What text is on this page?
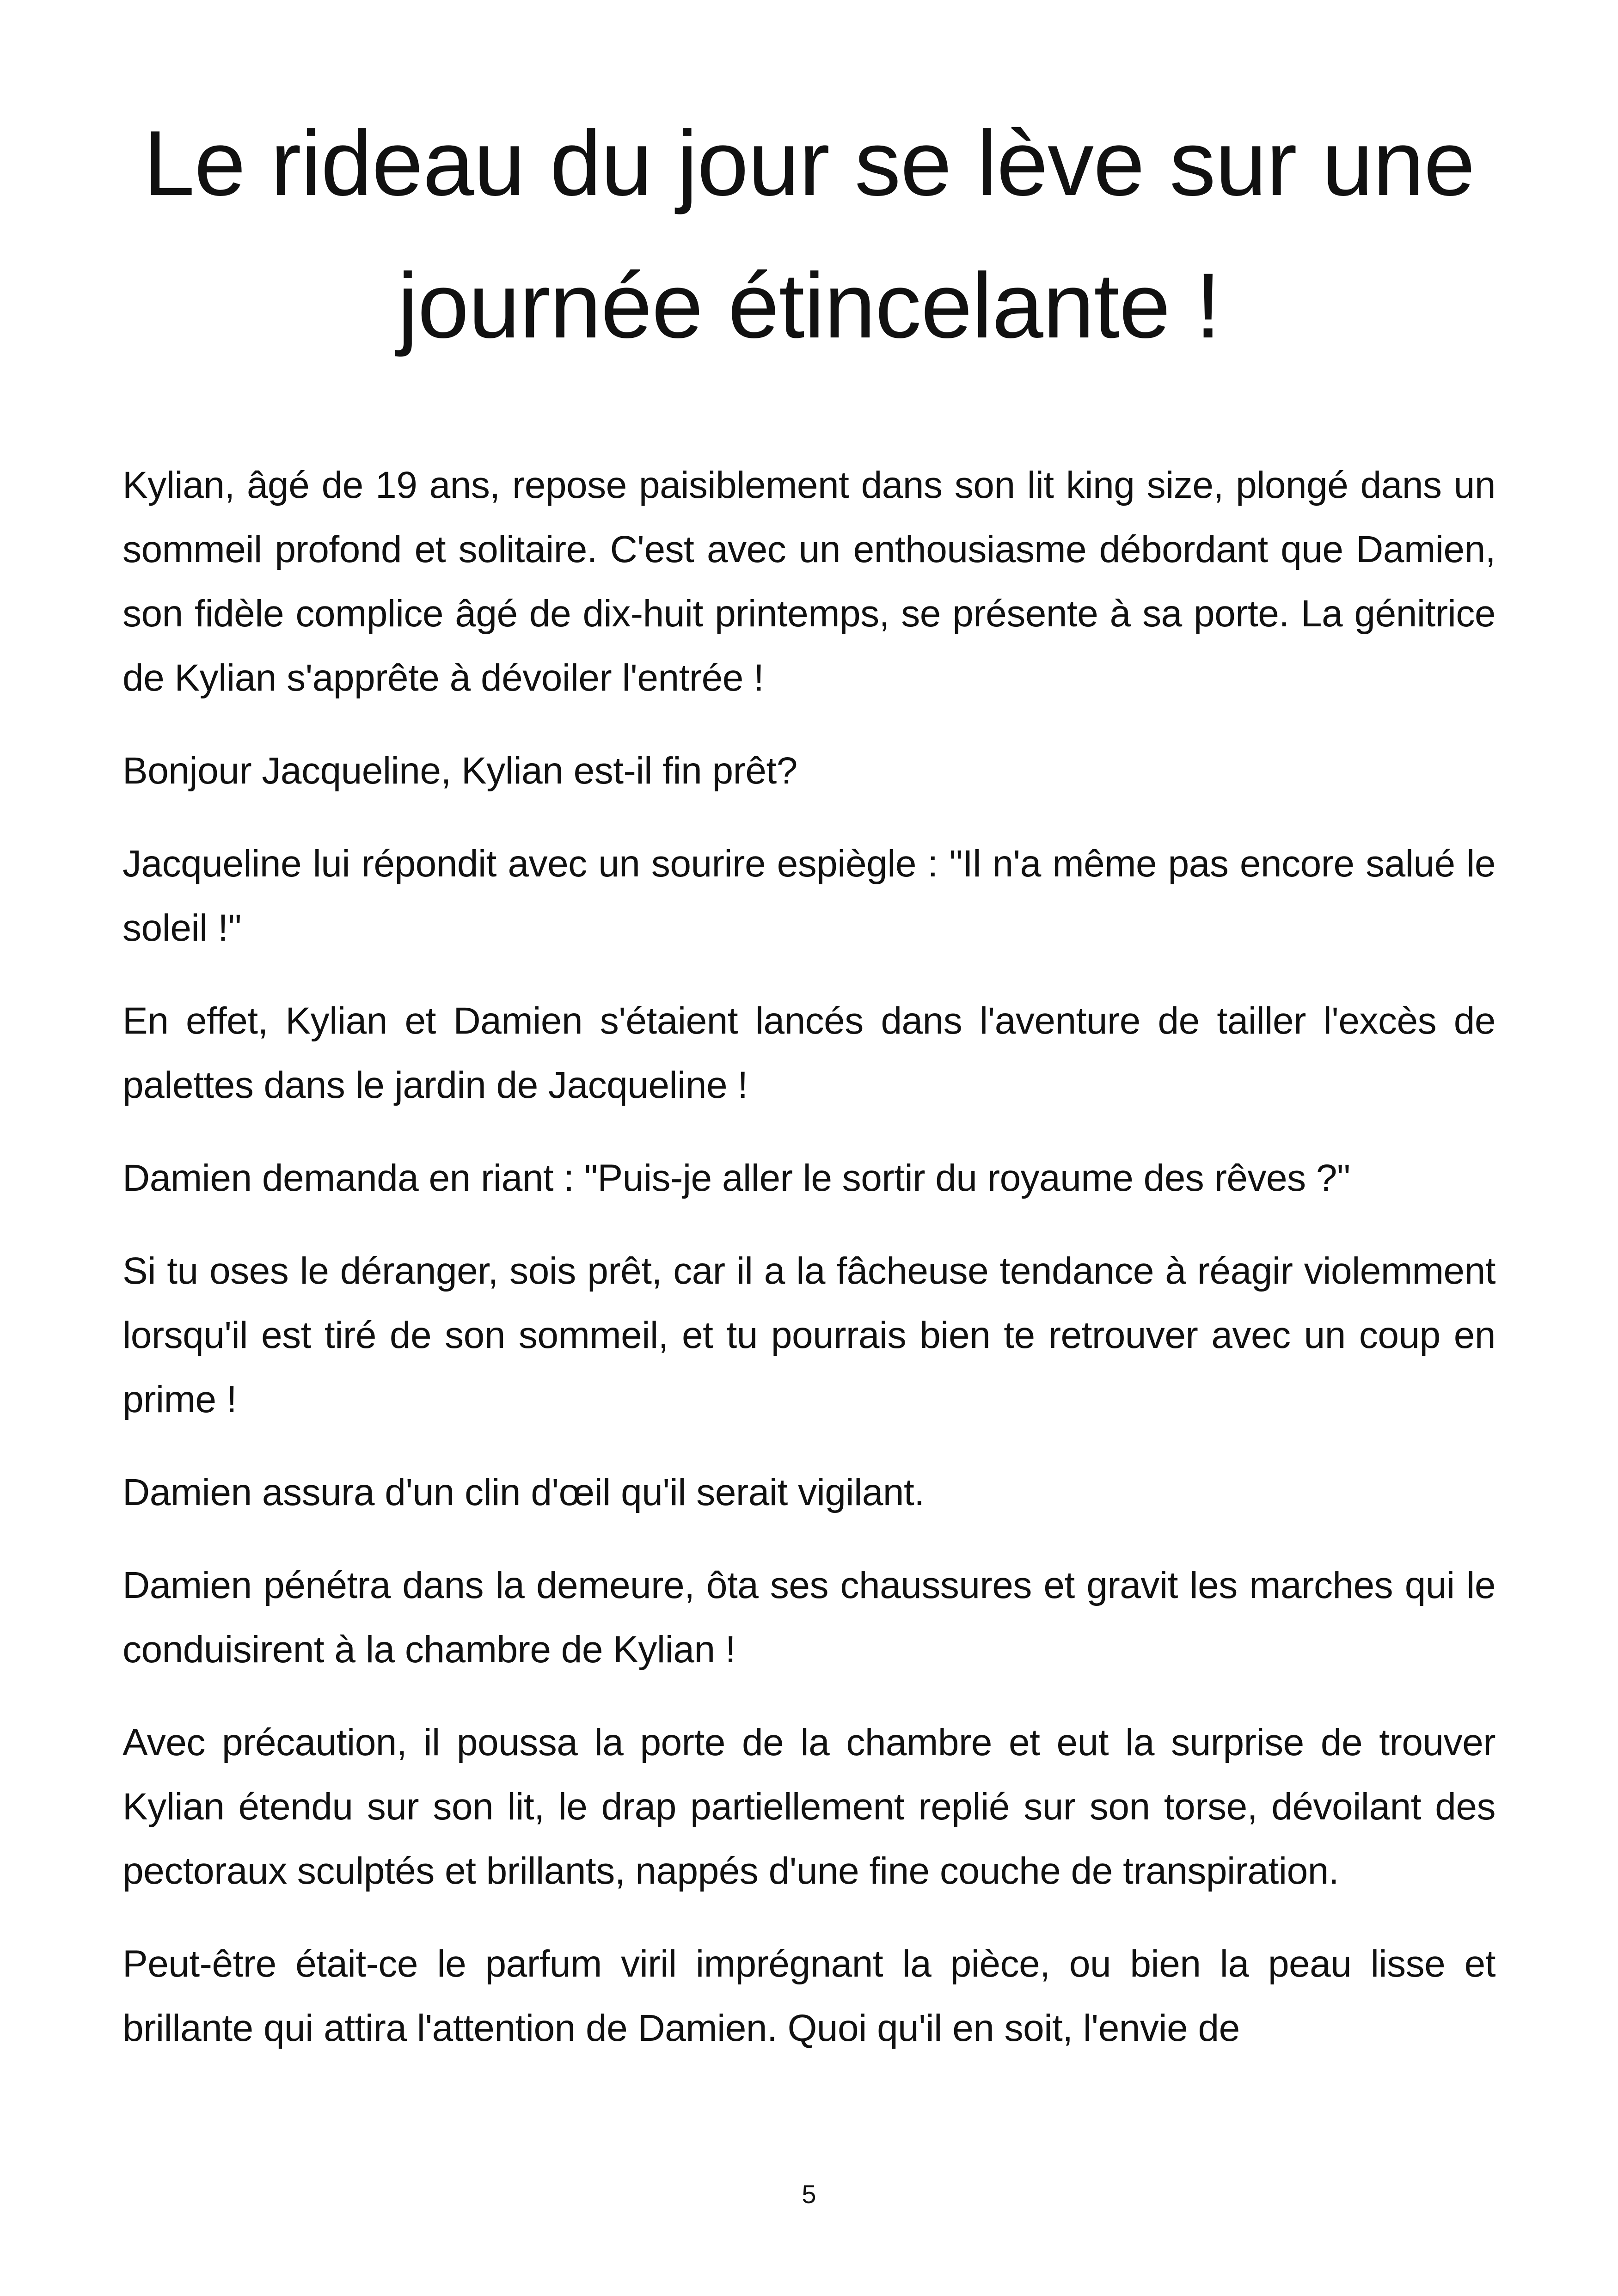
Le rideau du jour se lève sur une journée étincelante !

Kylian, âgé de 19 ans, repose paisiblement dans son lit king size, plongé dans un sommeil profond et solitaire. C'est avec un enthousiasme débordant que Damien, son fidèle complice âgé de dix-huit printemps, se présente à sa porte. La génitrice de Kylian s'apprête à dévoiler l'entrée !

Bonjour Jacqueline, Kylian est-il fin prêt?

Jacqueline lui répondit avec un sourire espiègle : "Il n'a même pas encore salué le soleil !"

En effet, Kylian et Damien s'étaient lancés dans l'aventure de tailler l'excès de palettes dans le jardin de Jacqueline !

Damien demanda en riant : "Puis-je aller le sortir du royaume des rêves ?"

Si tu oses le déranger, sois prêt, car il a la fâcheuse tendance à réagir violemment lorsqu'il est tiré de son sommeil, et tu pourrais bien te retrouver avec un coup en prime !

Damien assura d'un clin d'œil qu'il serait vigilant.

Damien pénétra dans la demeure, ôta ses chaussures et gravit les marches qui le conduisirent à la chambre de Kylian !

Avec précaution, il poussa la porte de la chambre et eut la surprise de trouver Kylian étendu sur son lit, le drap partiellement replié sur son torse, dévoilant des pectoraux sculptés et brillants, nappés d'une fine couche de transpiration.

Peut-être était-ce le parfum viril imprégnant la pièce, ou bien la peau lisse et brillante qui attira l'attention de Damien. Quoi qu'il en soit, l'envie de

5
